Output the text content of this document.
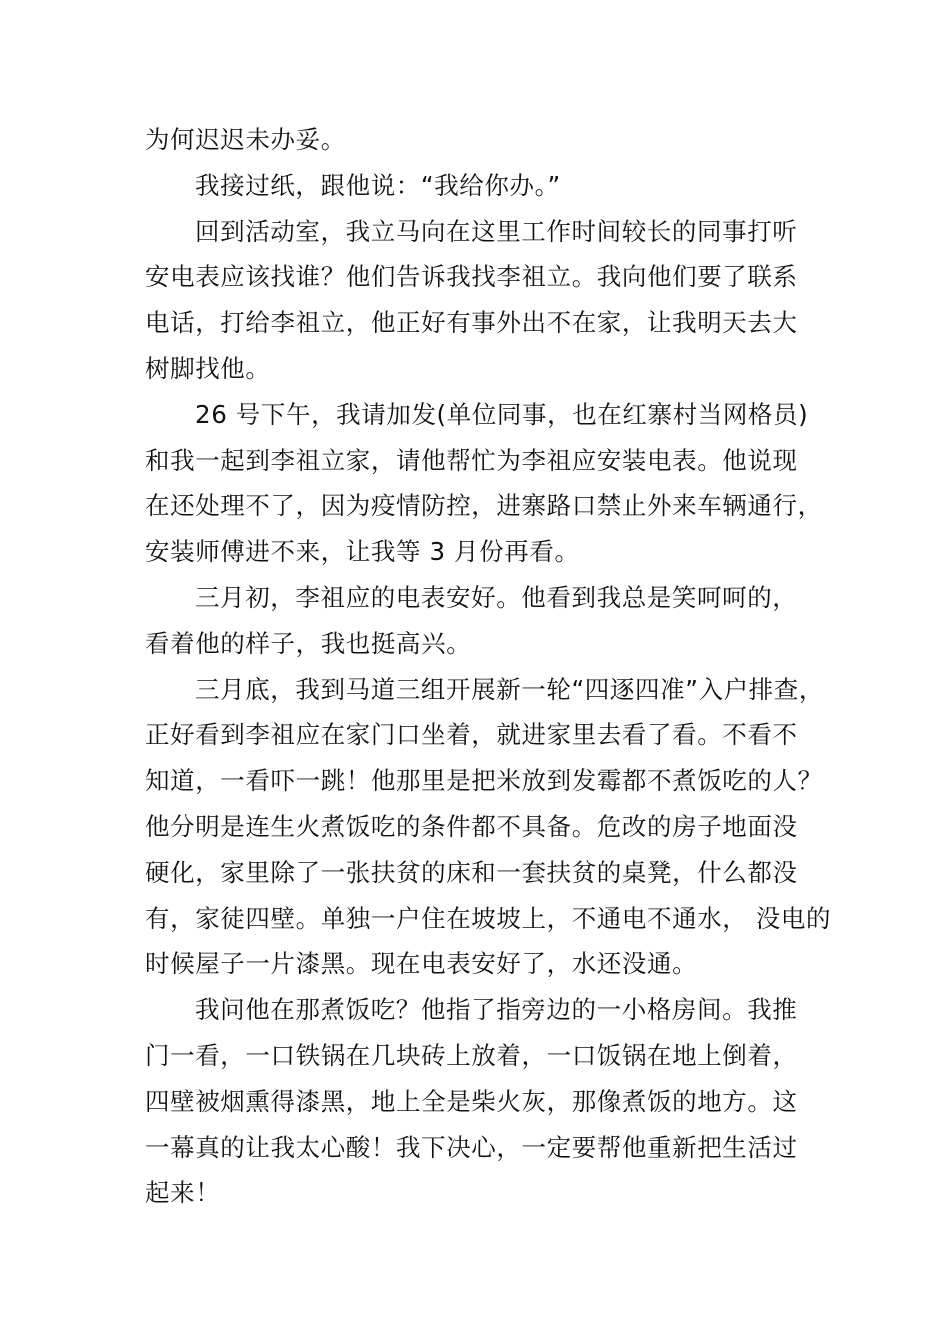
为何迟迟未办妥。
我接过纸，跟他说：“我给你办。”
回到活动室，我立马向在这里工作时间较长的同事打听
安电表应该找谁？他们告诉我找李祖立。我向他们要了联系
电话，打给李祖立，他正好有事外出不在家，让我明天去大
树脚找他。
26 号下午，我请加发(单位同事，也在红寨村当网格员)
和我一起到李祖立家，请他帮忙为李祖应安装电表。他说现
在还处理不了，因为疫情防控，进寨路口禁止外来车辆通行，
安装师傅进不来，让我等 3 月份再看。
三月初，李祖应的电表安好。他看到我总是笑呵呵的，
看着他的样子，我也挺高兴。
三月底，我到马道三组开展新一轮“四逐四准”入户排查，
正好看到李祖应在家门口坐着，就进家里去看了看。不看不
知道，一看吓一跳！他那里是把米放到发霉都不煮饭吃的人？
他分明是连生火煮饭吃的条件都不具备。危改的房子地面没
硬化，家里除了一张扶贫的床和一套扶贫的桌凳，什么都没
有，家徒四壁。单独一户住在坡坡上，不通电不通水， 没电的
时候屋子一片漆黑。现在电表安好了，水还没通。
我问他在那煮饭吃？他指了指旁边的一小格房间。我推
门一看，一口铁锅在几块砖上放着，一口饭锅在地上倒着，
四壁被烟熏得漆黑，地上全是柴火灰，那像煮饭的地方。这
一幕真的让我太心酸！我下决心，一定要帮他重新把生活过
起来！
